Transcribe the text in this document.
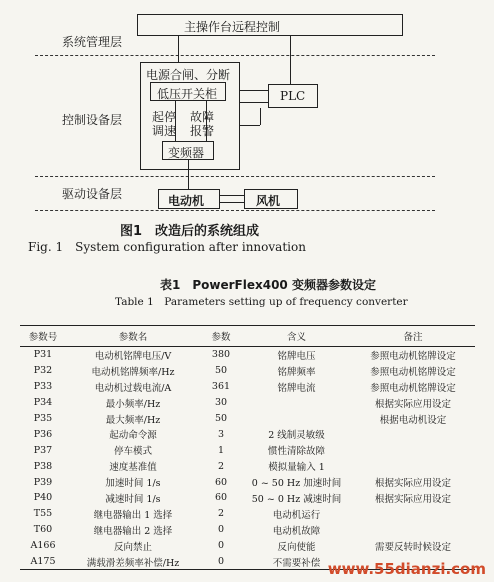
系统管理层
控制设备层
驱动设备层
主操作台远程控制
电源合闸、分断
低压开关柜
起停
调速
故障
报警
变频器
PLC
电动机	风机
图1　改造后的系统组成
Fig. 1　System configuration after innovation
表1　PowerFlex400 变频器参数设定
Table 1　Parameters setting up of frequency converter
参数号	参数名	参数	含义	备注
P31	电动机铭牌电压/V	380	铭牌电压	参照电动机铭牌设定
P32	电动机铭牌频率/Hz	50	铭牌频率	参照电动机铭牌设定
P33	电动机过载电流/A	361	铭牌电流	参照电动机铭牌设定
P34	最小频率/Hz	30		根据实际应用设定
P35	最大频率/Hz	50		根据电动机设定
P36	起动命令源	3	2 线制灵敏级	
P37	停车模式	1	惯性清除故障	
P38	速度基准值	2	模拟量输入 1	
P39	加速时间 1/s	60	0 ~ 50 Hz 加速时间	根据实际应用设定
P40	减速时间 1/s	60	50 ~ 0 Hz 减速时间	根据实际应用设定
T55	继电器输出 1 选择	2	电动机运行	
T60	继电器输出 2 选择	0	电动机故障	
A166	反向禁止	0	反向使能	需要反转时候设定
A175	满载滑差频率补偿/Hz	0	不需要补偿	www.55dianzi.com
